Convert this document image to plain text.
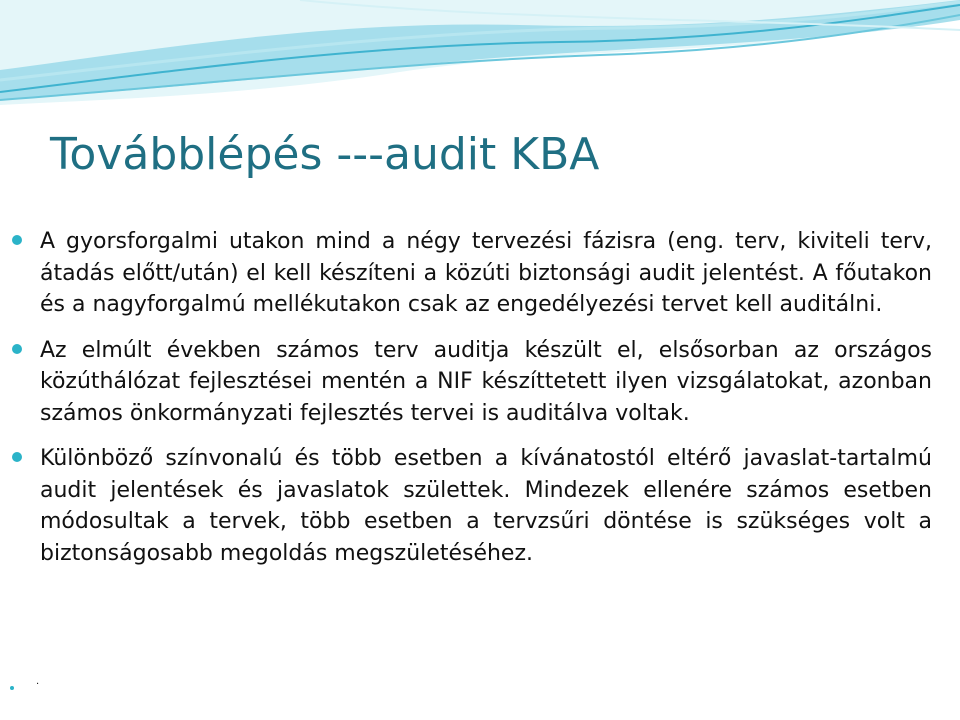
Továbblépés ---audit KBA
A gyorsforgalmi utakon mind a négy tervezési fázisra (eng. terv, kiviteli terv, átadás előtt/után) el kell készíteni a közúti biztonsági audit jelentést. A főutakon és a nagyforgalmú mellékutakon csak az engedélyezési tervet kell auditálni.
Az elmúlt években számos terv auditja készült el, elsősorban az országos közúthálózat fejlesztései mentén a NIF készíttetett ilyen vizsgálatokat, azonban számos önkormányzati fejlesztés tervei is auditálva voltak.
Különböző színvonalú és több esetben a kívánatostól eltérő javaslat-tartalmú audit jelentések és javaslatok születtek. Mindezek ellenére számos esetben módosultak a tervek, több esetben a tervzsűri döntése is szükséges volt a biztonságosabb megoldás megszületéséhez.
.
